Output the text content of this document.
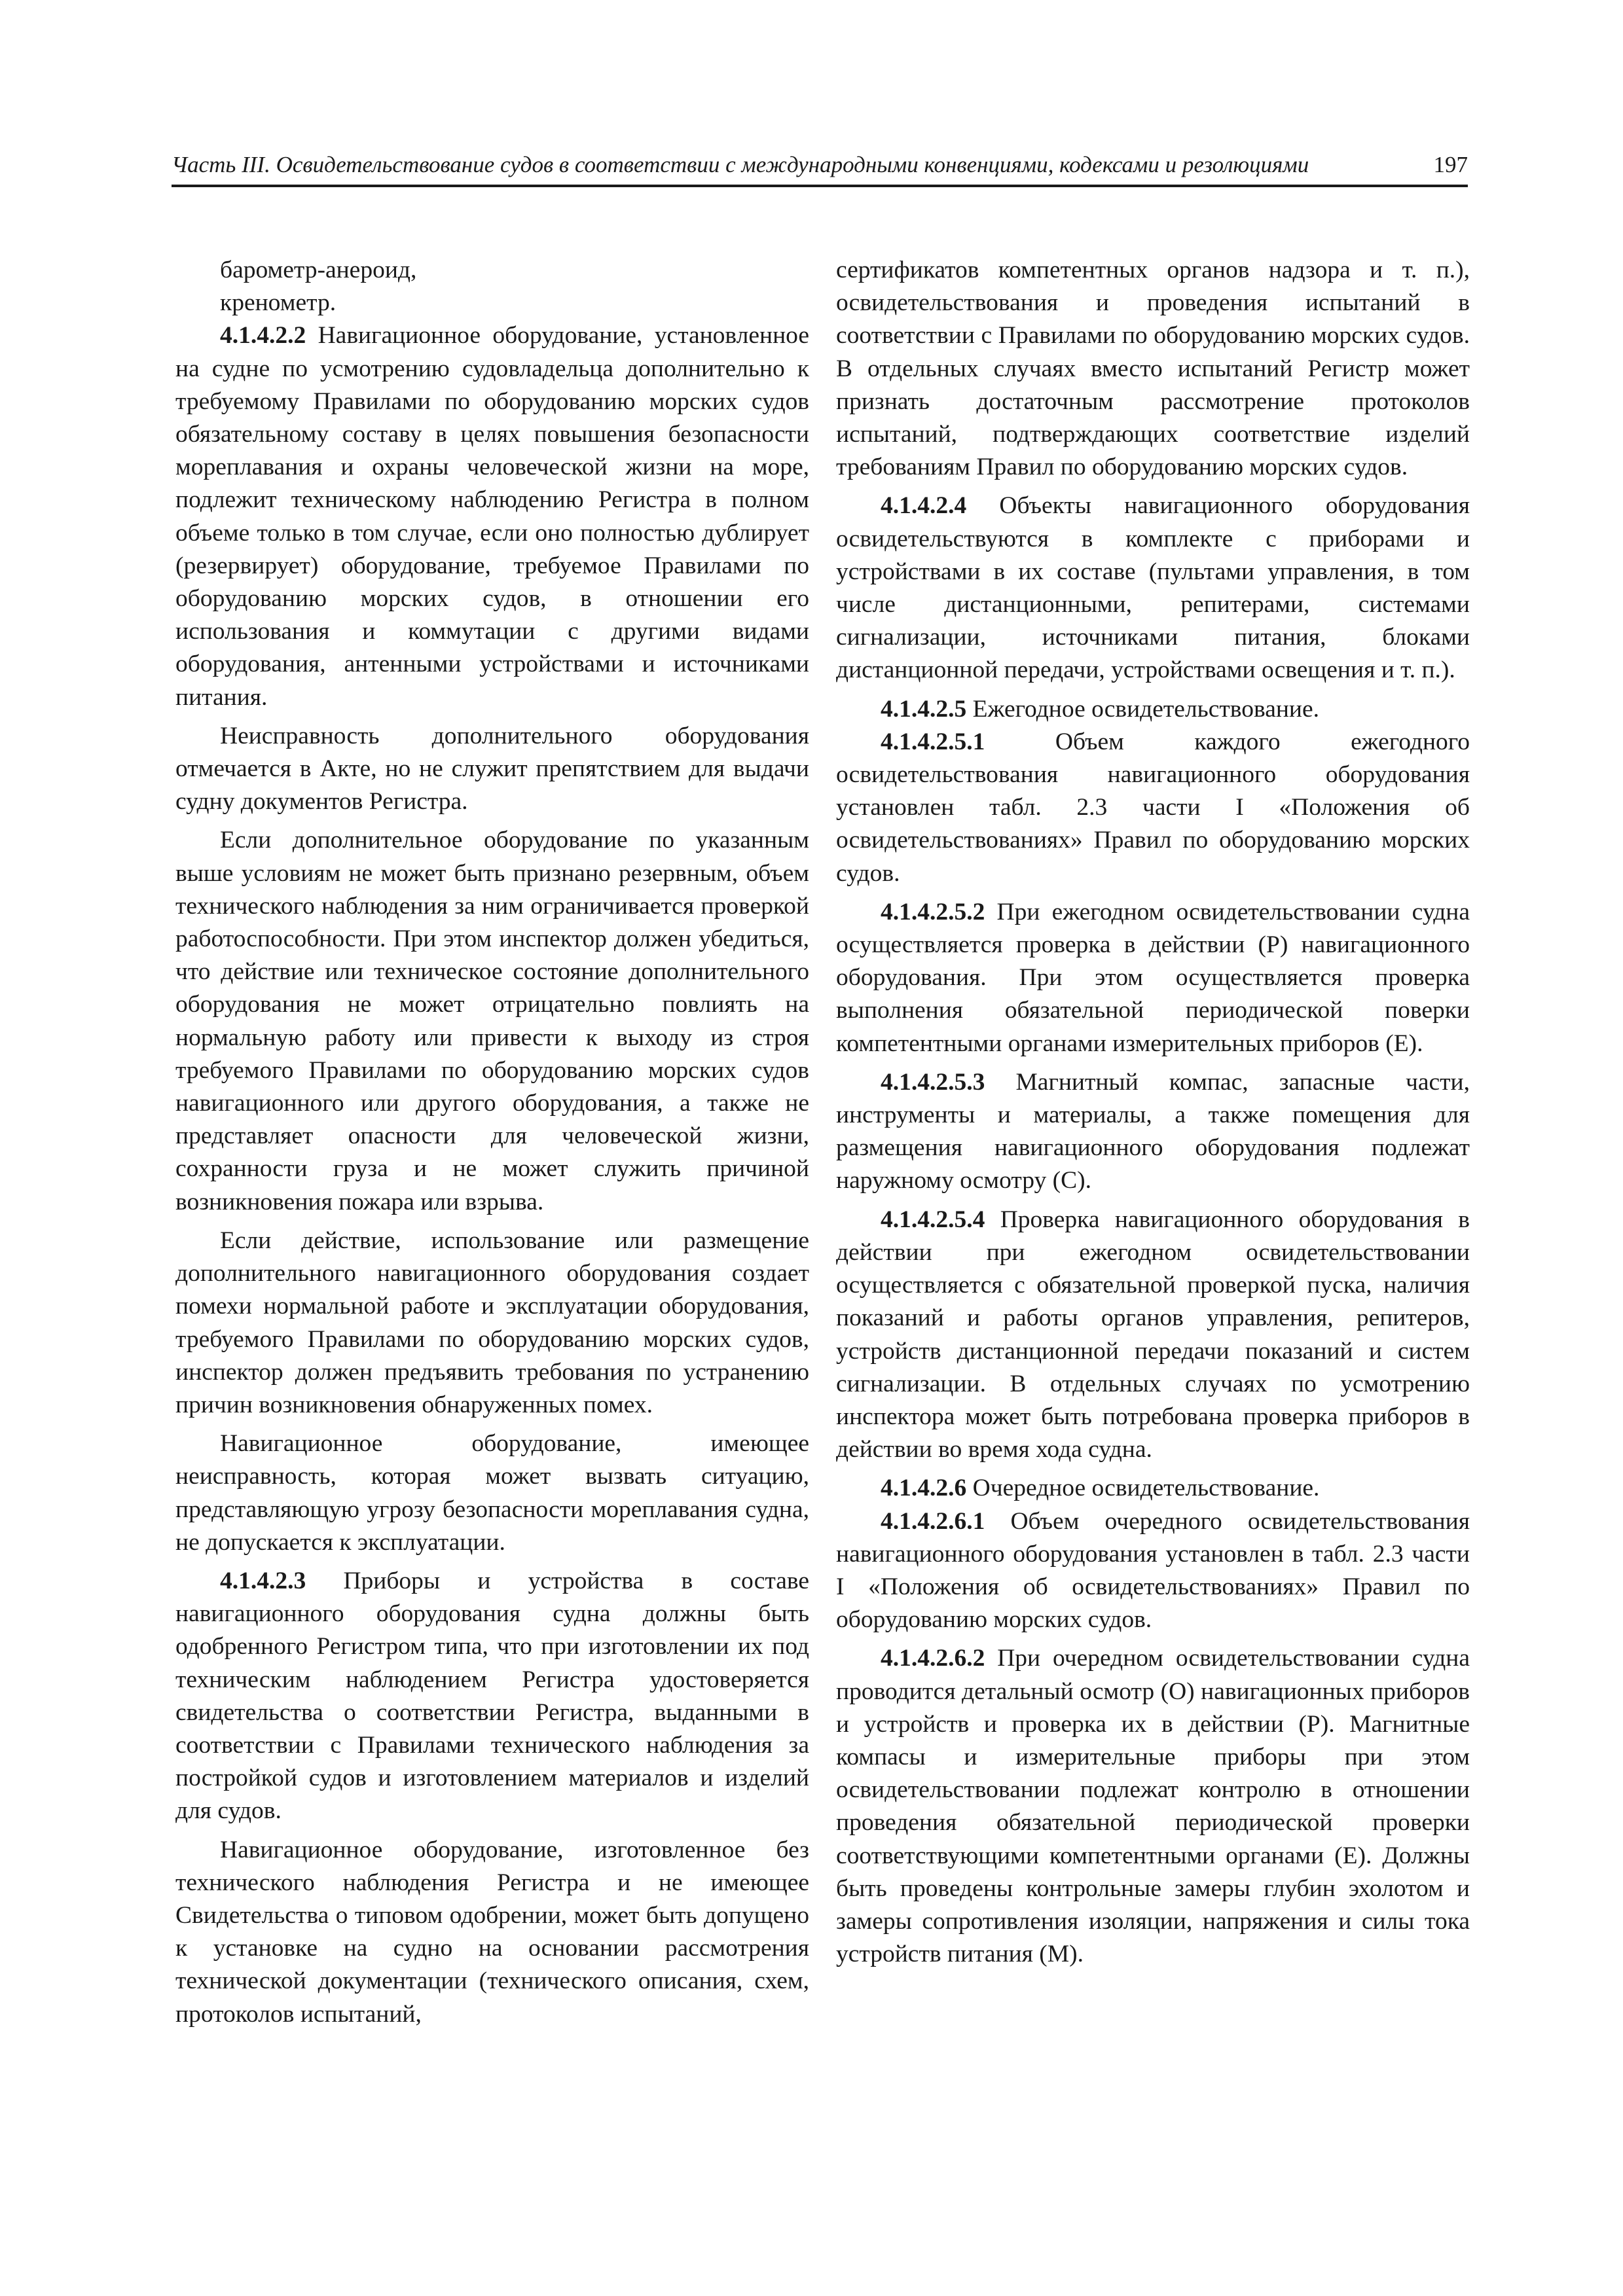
Часть III. Освидетельствование судов в соответствии с международными конвенциями, кодексами и резолюциями	197

барометр-анероид,

кренометр.

4.1.4.2.2 Навигационное оборудование, установленное на судне по усмотрению судовладельца дополнительно к требуемому Правилами по оборудованию морских судов обязательному составу в целях повышения безопасности мореплавания и охраны человеческой жизни на море, подлежит техническому наблюдению Регистра в полном объеме только в том случае, если оно полностью дублирует (резервирует) оборудование, требуемое Правилами по оборудованию морских судов, в отношении его использования и коммутации с другими видами оборудования, антенными устройствами и источниками питания.

Неисправность дополнительного оборудования отмечается в Акте, но не служит препятствием для выдачи судну документов Регистра.

Если дополнительное оборудование по указанным выше условиям не может быть признано резервным, объем технического наблюдения за ним ограничивается проверкой работоспособности. При этом инспектор должен убедиться, что действие или техническое состояние дополнительного оборудования не может отрицательно повлиять на нормальную работу или привести к выходу из строя требуемого Правилами по оборудованию морских судов навигационного или другого оборудования, а также не представляет опасности для человеческой жизни, сохранности груза и не может служить причиной возникновения пожара или взрыва.

Если действие, использование или размещение дополнительного навигационного оборудования создает помехи нормальной работе и эксплуатации оборудования, требуемого Правилами по оборудованию морских судов, инспектор должен предъявить требования по устранению причин возникновения обнаруженных помех.

Навигационное оборудование, имеющее неисправность, которая может вызвать ситуацию, представляющую угрозу безопасности мореплавания судна, не допускается к эксплуатации.

4.1.4.2.3 Приборы и устройства в составе навигационного оборудования судна должны быть одобренного Регистром типа, что при изготовлении их под техническим наблюдением Регистра удостоверяется свидетельства о соответствии Регистра, выданными в соответствии с Правилами технического наблюдения за постройкой судов и изготовлением материалов и изделий для судов.

Навигационное оборудование, изготовленное без технического наблюдения Регистра и не имеющее Свидетельства о типовом одобрении, может быть допущено к установке на судно на основании рассмотрения технической документации (технического описания, схем, протоколов испытаний,

сертификатов компетентных органов надзора и т. п.), освидетельствования и проведения испытаний в соответствии с Правилами по оборудованию морских судов. В отдельных случаях вместо испытаний Регистр может признать достаточным рассмотрение протоколов испытаний, подтверждающих соответствие изделий требованиям Правил по оборудованию морских судов.

4.1.4.2.4 Объекты навигационного оборудования освидетельствуются в комплекте с приборами и устройствами в их составе (пультами управления, в том числе дистанционными, репитерами, системами сигнализации, источниками питания, блоками дистанционной передачи, устройствами освещения и т. п.).

4.1.4.2.5 Ежегодное освидетельствование.

4.1.4.2.5.1 Объем каждого ежегодного освидетельствования навигационного оборудования установлен табл. 2.3 части I «Положения об освидетельствованиях» Правил по оборудованию морских судов.

4.1.4.2.5.2 При ежегодном освидетельствовании судна осуществляется проверка в действии (Р) навигационного оборудования. При этом осуществляется проверка выполнения обязательной периодической поверки компетентными органами измерительных приборов (Е).

4.1.4.2.5.3 Магнитный компас, запасные части, инструменты и материалы, а также помещения для размещения навигационного оборудования подлежат наружному осмотру (С).

4.1.4.2.5.4 Проверка навигационного оборудования в действии при ежегодном освидетельствовании осуществляется с обязательной проверкой пуска, наличия показаний и работы органов управления, репитеров, устройств дистанционной передачи показаний и систем сигнализации. В отдельных случаях по усмотрению инспектора может быть потребована проверка приборов в действии во время хода судна.

4.1.4.2.6 Очередное освидетельствование.

4.1.4.2.6.1 Объем очередного освидетельствования навигационного оборудования установлен в табл. 2.3 части I «Положения об освидетельствованиях» Правил по оборудованию морских судов.

4.1.4.2.6.2 При очередном освидетельствовании судна проводится детальный осмотр (О) навигационных приборов и устройств и проверка их в действии (Р). Магнитные компасы и измерительные приборы при этом освидетельствовании подлежат контролю в отношении проведения обязательной периодической проверки соответствующими компетентными органами (Е). Должны быть проведены контрольные замеры глубин эхолотом и замеры сопротивления изоляции, напряжения и силы тока устройств питания (М).
